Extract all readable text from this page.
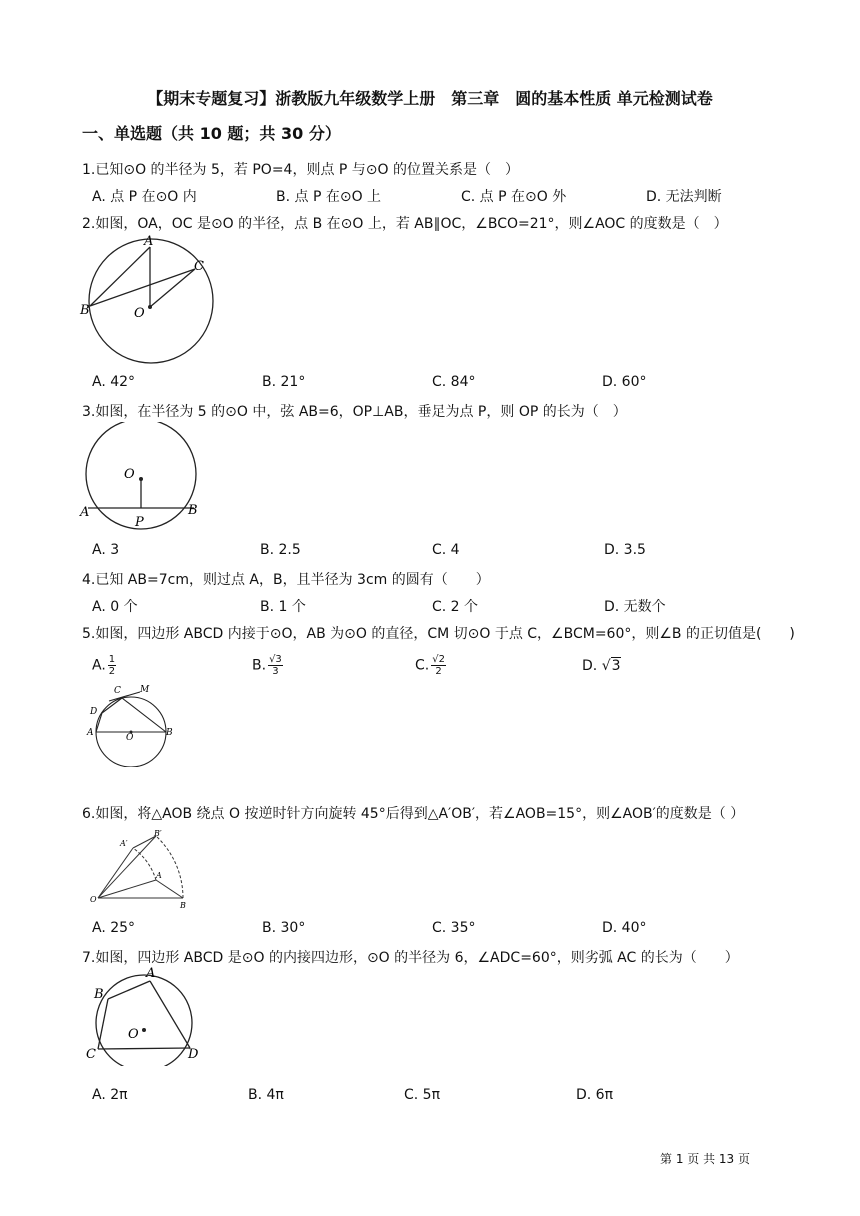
【期末专题复习】浙教版九年级数学上册　第三章　圆的基本性质 单元检测试卷
一、单选题（共 10 题；共 30 分）
1.已知⊙O 的半径为 5，若 PO=4，则点 P 与⊙O 的位置关系是（　）
A. 点 P 在⊙O 内	B. 点 P 在⊙O 上	C. 点 P 在⊙O 外	D. 无法判断
2.如图，OA，OC 是⊙O 的半径，点 B 在⊙O 上，若 AB∥OC，∠BCO=21°，则∠AOC 的度数是（　）
A
B
C
O
A. 42°	B. 21°	C. 84°	D. 60°
3.如图，在半径为 5 的⊙O 中，弦 AB=6，OP⊥AB，垂足为点 P，则 OP 的长为（　）
O
A
P
B
A. 3	B. 2.5	C. 4	D. 3.5
4.已知 AB=7cm，则过点 A，B，且半径为 3cm 的圆有（　　）
A. 0 个	B. 1 个	C. 2 个	D. 无数个
5.如图，四边形 ABCD 内接于⊙O，AB 为⊙O 的直径，CM 切⊙O 于点 C，∠BCM=60°，则∠B 的正切值是(　　)
A. $\frac{1}{2}$	B. $\frac{√3}{3}$	C. $\frac{√2}{2}$	D. √3
C M
D
A	O	B
6.如图，将△AOB 绕点 O 按逆时针方向旋转 45°后得到△A′OB′，若∠AOB=15°，则∠AOB′的度数是（ ）
A′
B′
A
O
B
A. 25°	B. 30°	C. 35°	D. 40°
7.如图，四边形 ABCD 是⊙O 的内接四边形，⊙O 的半径为 6，∠ADC=60°，则劣弧 AC 的长为（　　）
A
B
O
C	D
A. 2π	B. 4π	C. 5π	D. 6π
第 1 页 共 13 页
